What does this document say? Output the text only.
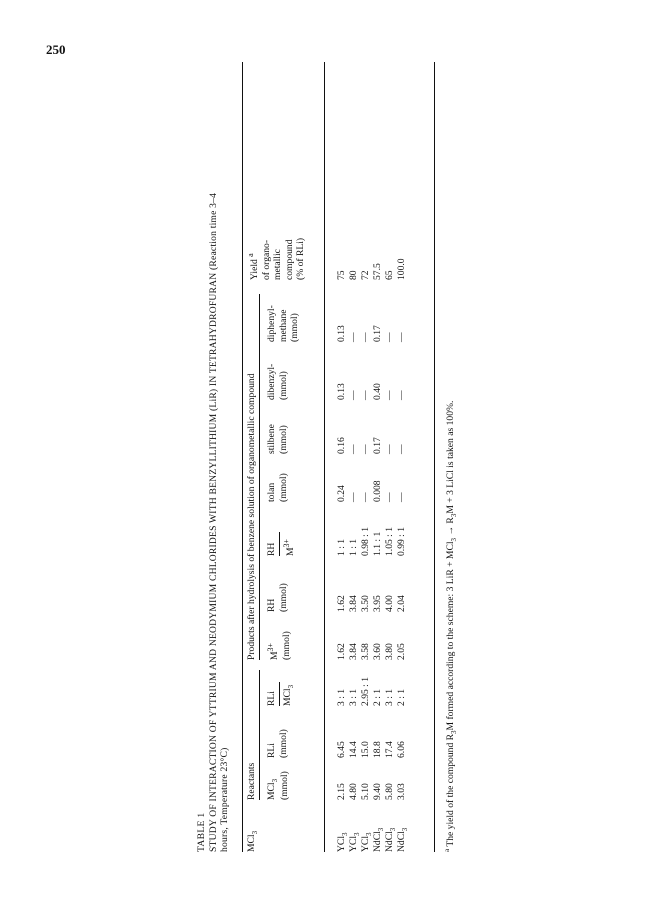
250
TABLE 1 STUDY OF INTERACTION OF YTTRIUM AND NEODYMIUM CHLORIDES WITH BENZYLLITHIUM (LiR) IN TETRAHYDROFURAN (Reaction time 3–4 hours, Temperature 23°C) MCl$_3$
Reactants
Products after hydrolysis of benzene solution of organometallic compound
MCl$_3$ (mmol)
RLi (mmol)
$M^{3+}$ (mmol)
RH (mmol)
tolan (mmol)
stilbene (mmol)
dibenzyl- (mmol)
diphenyl- methane (mmol)
RLi MCl$_3$
RH $M^{3+}$
Yield $^a$ of organo- metallic compound (% of RLi)
YCl$_3$
2.15
6.45
3 : 1
1.62
1.62
1 : 1
0.24
0.16
0.13
0.13
75
YCl$_3$
4.80
14.4
3 : 1
3.84
3.84
1 : 1
—
—
—
—
80
YCl$_3$
5.10
15.0
2.95 : 1
3.58
3.50
0.98 : 1
—
—
—
—
72
NdCl$_3$
9.40
18.8
2 : 1
3.60
3.95
1.1 : 1
0.008
0.17
0.40
0.17
57.5
NdCl$_3$
5.80
17.4
3 : 1
3.80
4.00
1.05 : 1
—
—
—
—
65
NdCl$_3$
3.03
6.06
2 : 1
2.05
2.04
0.99 : 1
—
—
—
—
100.0
$^a$ The yield of the compound $R_3M$ formed according to the scheme: 3 LiR + $MCl_3 \to R_3M + 3$ LiCl is taken as 100%.
